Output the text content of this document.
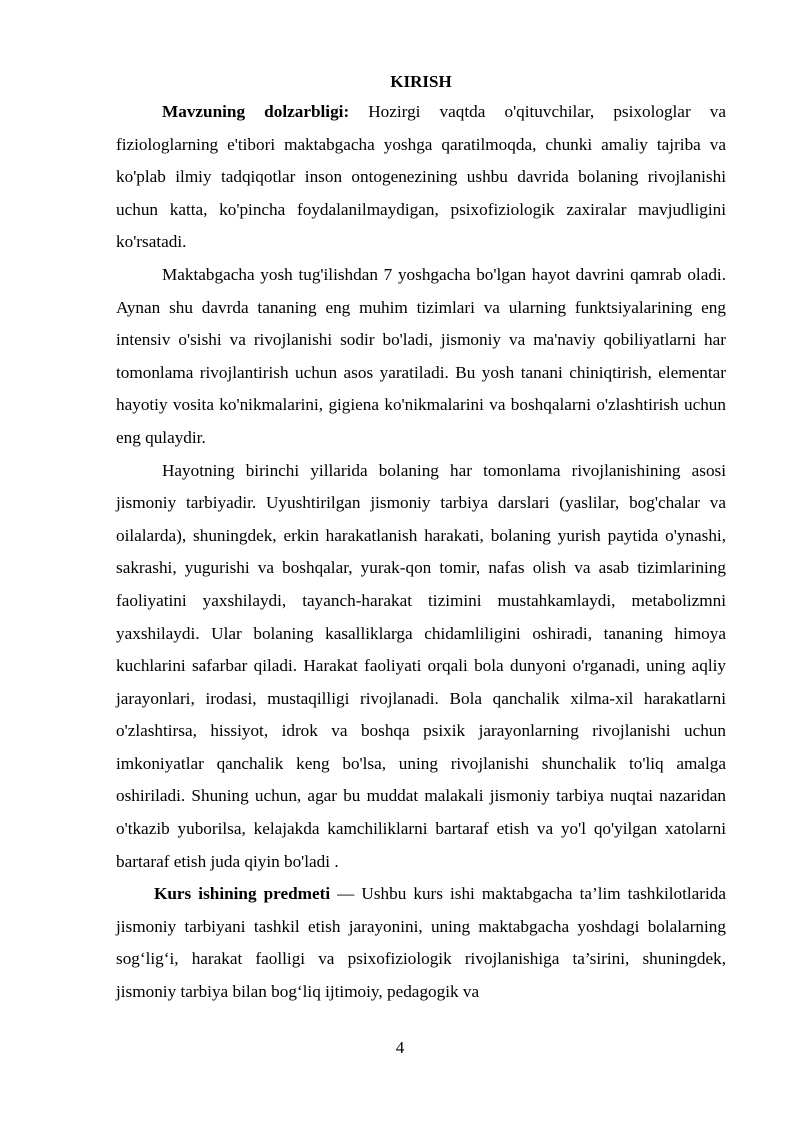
KIRISH

Mavzuning dolzarbligi: Hozirgi vaqtda o'qituvchilar, psixologlar va fiziologlarning e'tibori maktabgacha yoshga qaratilmoqda, chunki amaliy tajriba va ko'plab ilmiy tadqiqotlar inson ontogenezining ushbu davrida bolaning rivojlanishi uchun katta, ko'pincha foydalanilmaydigan, psixofiziologik zaxiralar mavjudligini ko'rsatadi.

Maktabgacha yosh tug'ilishdan 7 yoshgacha bo'lgan hayot davrini qamrab oladi. Aynan shu davrda tananing eng muhim tizimlari va ularning funktsiyalarining eng intensiv o'sishi va rivojlanishi sodir bo'ladi, jismoniy va ma'naviy qobiliyatlarni har tomonlama rivojlantirish uchun asos yaratiladi. Bu yosh tanani chiniqtirish, elementar hayotiy vosita ko'nikmalarini, gigiena ko'nikmalarini va boshqalarni o'zlashtirish uchun eng qulaydir.

Hayotning birinchi yillarida bolaning har tomonlama rivojlanishining asosi jismoniy tarbiyadir. Uyushtirilgan jismoniy tarbiya darslari (yaslilar, bog'chalar va oilalarda), shuningdek, erkin harakatlanish harakati, bolaning yurish paytida o'ynashi, sakrashi, yugurishi va boshqalar, yurak-qon tomir, nafas olish va asab tizimlarining faoliyatini yaxshilaydi, tayanch-harakat tizimini mustahkamlaydi, metabolizmni yaxshilaydi. Ular bolaning kasalliklarga chidamliligini oshiradi, tananing himoya kuchlarini safarbar qiladi. Harakat faoliyati orqali bola dunyoni o'rganadi, uning aqliy jarayonlari, irodasi, mustaqilligi rivojlanadi. Bola qanchalik xilma-xil harakatlarni o'zlashtirsa, hissiyot, idrok va boshqa psixik jarayonlarning rivojlanishi uchun imkoniyatlar qanchalik keng bo'lsa, uning rivojlanishi shunchalik to'liq amalga oshiriladi. Shuning uchun, agar bu muddat malakali jismoniy tarbiya nuqtai nazaridan o'tkazib yuborilsa, kelajakda kamchiliklarni bartaraf etish va yo'l qo'yilgan xatolarni bartaraf etish juda qiyin bo'ladi .

Kurs ishining predmeti — Ushbu kurs ishi maktabgacha ta’lim tashkilotlarida jismoniy tarbiyani tashkil etish jarayonini, uning maktabgacha yoshdagi bolalarning sog‘lig‘i, harakat faolligi va psixofiziologik rivojlanishiga ta’sirini, shuningdek, jismoniy tarbiya bilan bog‘liq ijtimoiy, pedagogik va

4
